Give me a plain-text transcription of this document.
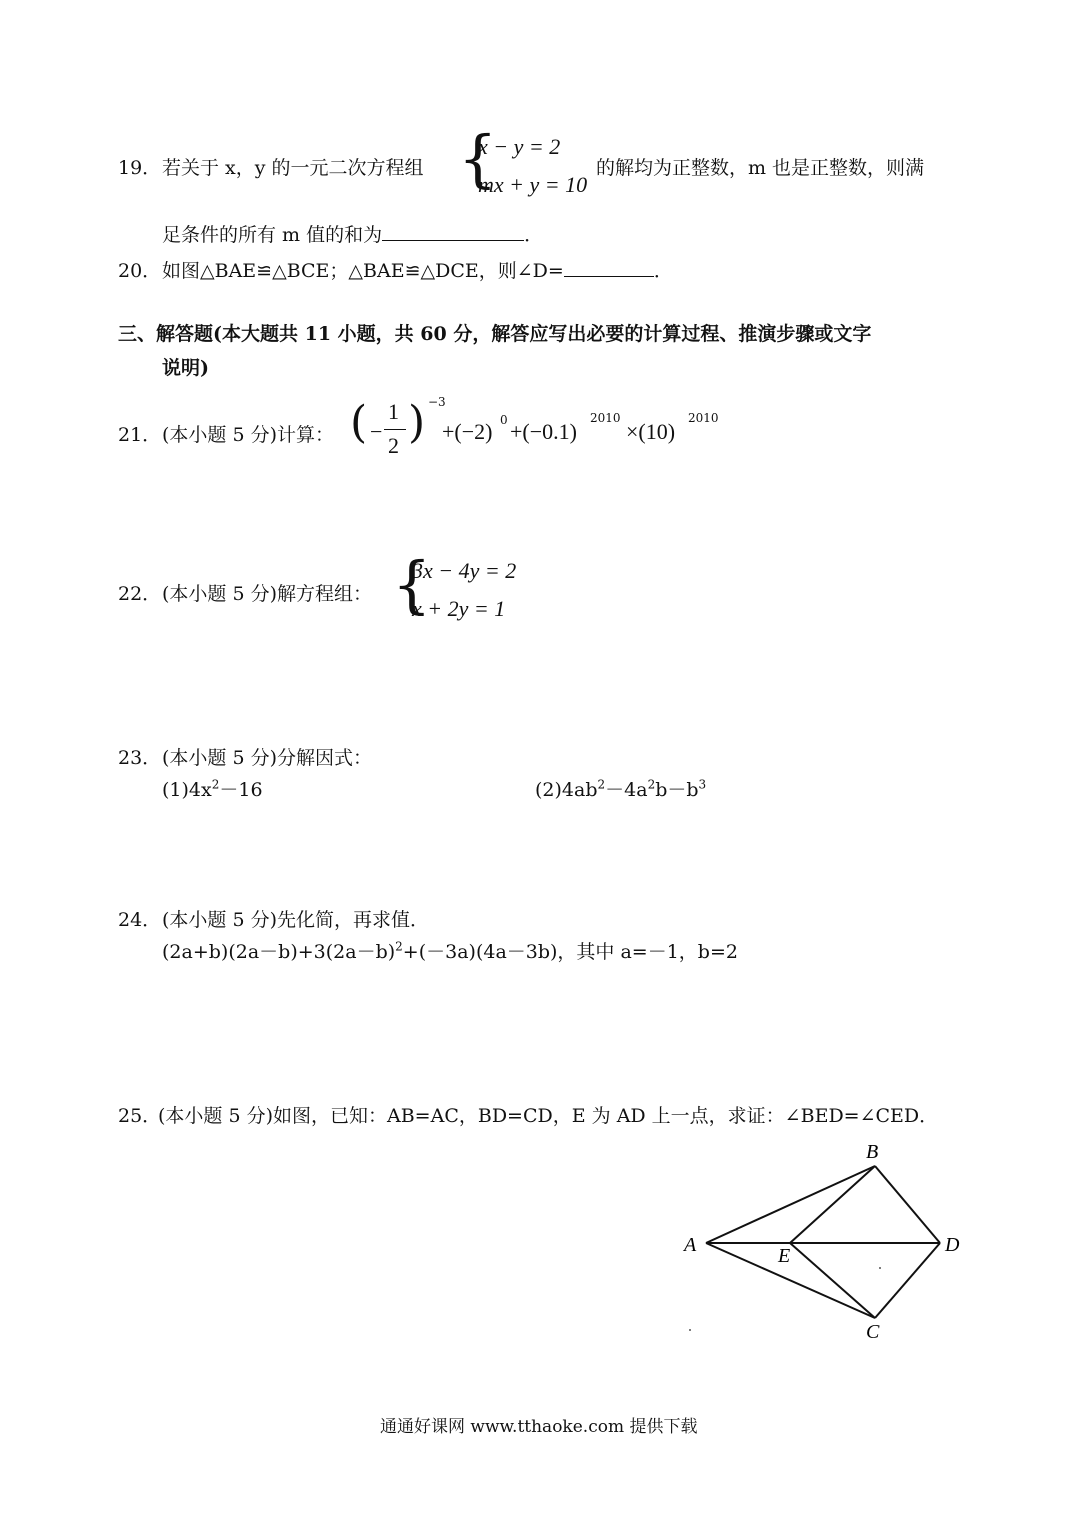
19． 若关于 x，y 的一元二次方程组 {
x − y = 2
mx + y = 10
的解均为正整数，m 也是正整数，则满
足条件的所有 m 值的和为	．
20． 如图△BAE≌△BCE；△BAE≌△DCE，则∠D=	．
三、解答题(本大题共 11 小题，共 60 分，解答应写出必要的计算过程、推演步骤或文字
说明)
21． (本小题 5 分)计算： ( −
1
2 ) −3
+(−2) 0 +(−0.1)
2010
×(10)
2010
22． (本小题 5 分)解方程组： {
3x − 4y = 2
x + 2y = 1
23． (本小题 5 分)分解因式：
$(1)4x^2-16$	$(2)4ab^2-4a^2b-b^3$
24． (本小题 5 分)先化简，再求值．
$(2a+b)(2a-b)+3(2a-b)^2+(-3a)(4a-3b)$，其中 a=－1，b=2
25．
(本小题 5 分)如图，已知：AB=AC，BD=CD，E 为 AD 上一点，求证：∠BED=∠CED．
A
B
C
D
E
通通好课网 www.tthaoke.com 提供下载
